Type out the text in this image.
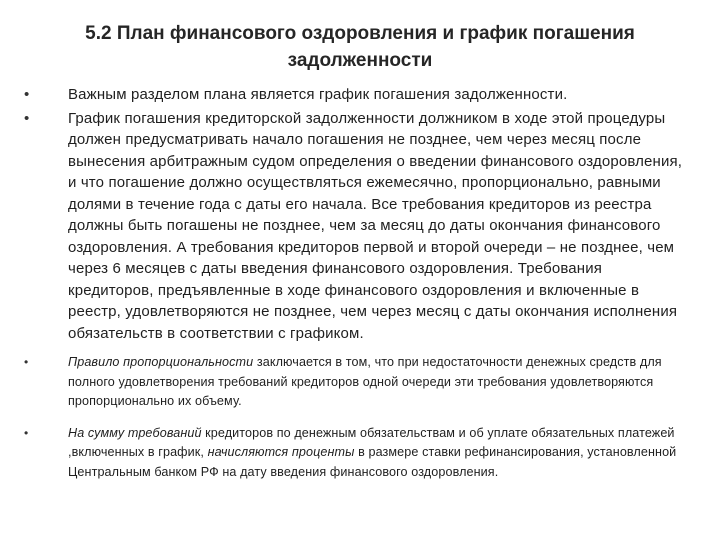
5.2 План финансового оздоровления и график погашения задолженности
•	Важным разделом плана является график погашения задолженности.
•	График погашения кредиторской задолженности должником в ходе этой процедуры должен предусматривать начало погашения не позднее, чем через месяц после вынесения арбитражным судом определения о введении финансового оздоровления, и что погашение должно осуществляться ежемесячно, пропорционально, равными долями в течение года с даты его начала. Все требования кредиторов из реестра должны быть погашены не позднее, чем за месяц до даты окончания финансового оздоровления. А требования кредиторов первой и второй очереди – не позднее, чем через 6 месяцев с даты введения финансового оздоровления. Требования кредиторов, предъявленные в ходе финансового оздоровления и включенные в реестр, удовлетворяются не позднее, чем через месяц с даты окончания исполнения обязательств в соответствии с графиком.
•	Правило пропорциональности заключается в том, что при недостаточности денежных средств для полного удовлетворения требований кредиторов одной очереди эти требования удовлетворяются пропорционально их объему.
•	На сумму требований кредиторов по денежным обязательствам и об уплате обязательных платежей ,включенных в график, начисляются проценты в размере ставки рефинансирования, установленной Центральным банком РФ на дату введения финансового оздоровления.
